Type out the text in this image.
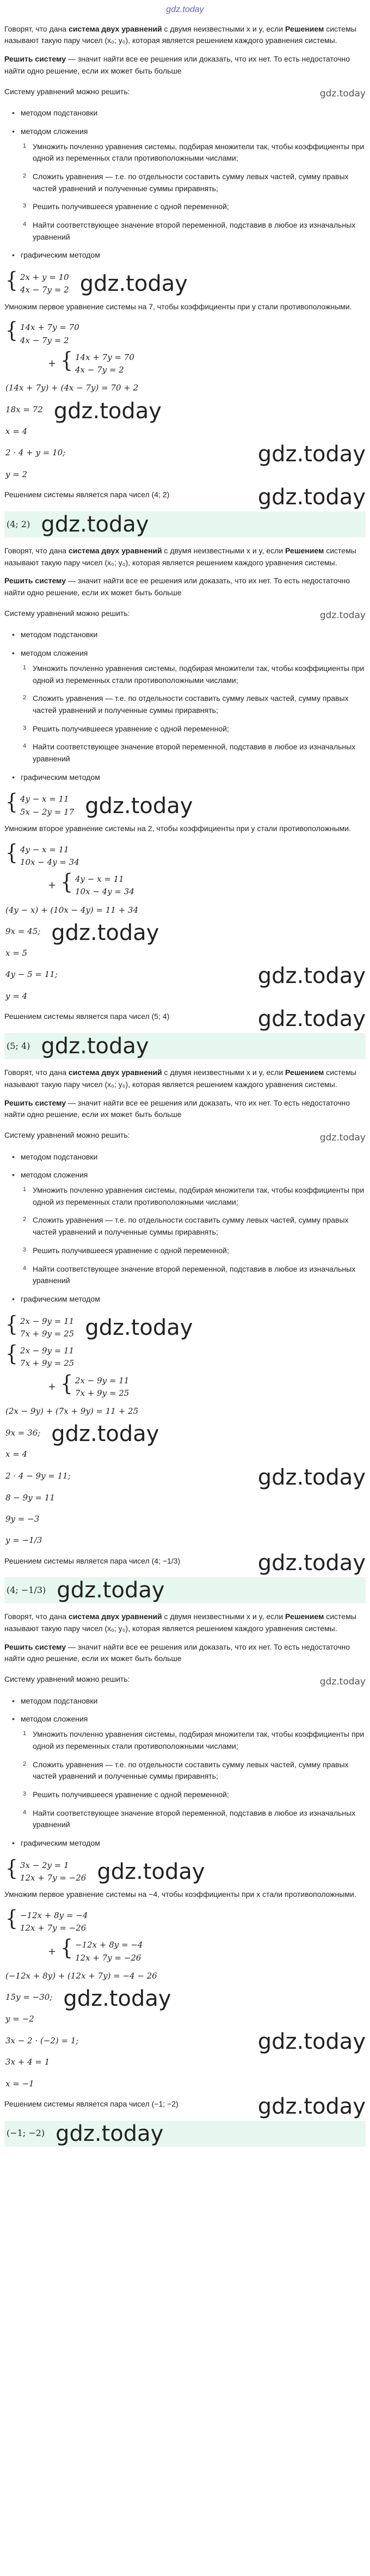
gdz.today

Говорят, что дана система двух уравнений с двумя неизвестными x и y, если Решением системы называют такую пару чисел (x₀; y₀), которая является решением каждого уравнения системы.

Решить систему — значит найти все ее решения или доказать, что их нет. То есть недостаточно найти одно решение, если их может быть больше

Систему уравнений можно решить:	gdz.today
• методом подстановки
• методом сложения
Умножить почленно уравнения системы, подбирая множители так, чтобы коэффициенты при одной из переменных стали противоположными числами;
Сложить уравнения — т.е. по отдельности составить сумму левых частей, сумму правых частей уравнений и полученные суммы приравнять;
Решить получившееся уравнение с одной переменной;
Найти соответствующее значение второй переменной, подставив в любое из изначальных уравнений
• графическим методом
{ 2x + y = 10
4x − 7y = 2 gdz.today

Умножим первое уравнение системы на 7, чтобы коэффициенты при y стали противоположными.

{ 14x + 7y = 70
4x − 7y = 2
+ { 14x + 7y = 70
4x − 7y = 2
(14x + 7y) + (4x − 7y) = 70 + 2
18x = 72 gdz.today
x = 4
2 · 4 + y = 10;	gdz.today
y = 2

Решением системы является пара чисел (4; 2)	gdz.today
(4; 2) gdz.today

Говорят, что дана система двух уравнений с двумя неизвестными x и y, если Решением системы называют такую пару чисел (x₀; y₀), которая является решением каждого уравнения системы.

Решить систему — значит найти все ее решения или доказать, что их нет. То есть недостаточно найти одно решение, если их может быть больше

Систему уравнений можно решить:	gdz.today
• методом подстановки
• методом сложения
Умножить почленно уравнения системы, подбирая множители так, чтобы коэффициенты при одной из переменных стали противоположными числами;
Сложить уравнения — т.е. по отдельности составить сумму левых частей, сумму правых частей уравнений и полученные суммы приравнять;
Решить получившееся уравнение с одной переменной;
Найти соответствующее значение второй переменной, подставив в любое из изначальных уравнений
• графическим методом
{ 4y − x = 11
5x − 2y = 17 gdz.today

Умножим второе уравнение системы на 2, чтобы коэффициенты при y стали противоположными.

{ 4y − x = 11
10x − 4y = 34
+ { 4y − x = 11
10x − 4y = 34
(4y − x) + (10x − 4y) = 11 + 34
9x = 45; gdz.today
x = 5
4y − 5 = 11;	gdz.today
y = 4

Решением системы является пара чисел (5; 4)	gdz.today
(5; 4) gdz.today

Говорят, что дана система двух уравнений с двумя неизвестными x и y, если Решением системы называют такую пару чисел (x₀; y₀), которая является решением каждого уравнения системы.

Решить систему — значит найти все ее решения или доказать, что их нет. То есть недостаточно найти одно решение, если их может быть больше

Систему уравнений можно решить:	gdz.today
• методом подстановки
• методом сложения
Умножить почленно уравнения системы, подбирая множители так, чтобы коэффициенты при одной из переменных стали противоположными числами;
Сложить уравнения — т.е. по отдельности составить сумму левых частей, сумму правых частей уравнений и полученные суммы приравнять;
Решить получившееся уравнение с одной переменной;
Найти соответствующее значение второй переменной, подставив в любое из изначальных уравнений
• графическим методом
{ 2x − 9y = 11
7x + 9y = 25 gdz.today
{ 2x − 9y = 11
7x + 9y = 25
+ { 2x − 9y = 11
7x + 9y = 25
(2x − 9y) + (7x + 9y) = 11 + 25
9x = 36; gdz.today
x = 4
2 · 4 − 9y = 11;	gdz.today
8 − 9y = 11
9y = −3
y = −1/3

Решением системы является пара чисел (4; −1/3)	gdz.today
(4; −1/3) gdz.today

Говорят, что дана система двух уравнений с двумя неизвестными x и y, если Решением системы называют такую пару чисел (x₀; y₀), которая является решением каждого уравнения системы.

Решить систему — значит найти все ее решения или доказать, что их нет. То есть недостаточно найти одно решение, если их может быть больше

Систему уравнений можно решить:	gdz.today
• методом подстановки
• методом сложения
Умножить почленно уравнения системы, подбирая множители так, чтобы коэффициенты при одной из переменных стали противоположными числами;
Сложить уравнения — т.е. по отдельности составить сумму левых частей, сумму правых частей уравнений и полученные суммы приравнять;
Решить получившееся уравнение с одной переменной;
Найти соответствующее значение второй переменной, подставив в любое из изначальных уравнений
• графическим методом
{ 3x − 2y = 1
12x + 7y = −26 gdz.today

Умножим первое уравнение системы на −4, чтобы коэффициенты при x стали противоположными.

{ −12x + 8y = −4
12x + 7y = −26
+ { −12x + 8y = −4
12x + 7y = −26
(−12x + 8y) + (12x + 7y) = −4 − 26
15y = −30; gdz.today
y = −2
3x − 2 · (−2) = 1;	gdz.today
3x + 4 = 1
x = −1

Решением системы является пара чисел (−1; −2)	gdz.today
(−1; −2) gdz.today
